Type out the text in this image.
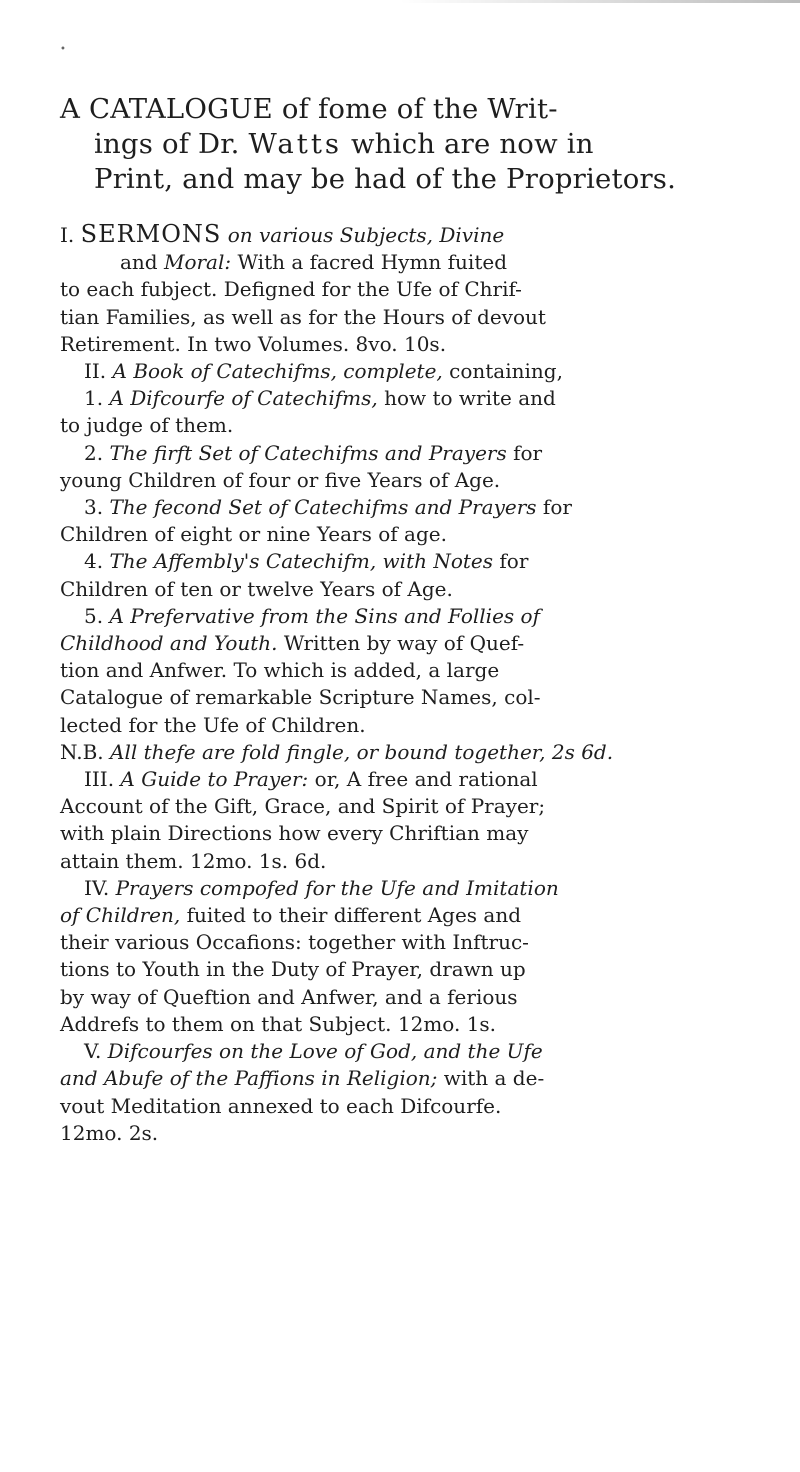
•
A CATALOGUE of fome of the Writ-
ings of Dr. Watts which are now in
Print, and may be had of the Proprietors.
I. SERMONS on various Subjects, Divine
and Moral: With a facred Hymn fuited
to each fubject. Defigned for the Ufe of Chrif-
tian Families, as well as for the Hours of devout
Retirement. In two Volumes. 8vo. 10s.
II. A Book of Catechifms, complete, containing,
1. A Difcourfe of Catechifms, how to write and
to judge of them.
2. The firft Set of Catechifms and Prayers for
young Children of four or five Years of Age.
3. The fecond Set of Catechifms and Prayers for
Children of eight or nine Years of age.
4. The Affembly's Catechifm, with Notes for
Children of ten or twelve Years of Age.
5. A Prefervative from the Sins and Follies of
Childhood and Youth. Written by way of Quef-
tion and Anfwer. To which is added, a large
Catalogue of remarkable Scripture Names, col-
lected for the Ufe of Children.
N.B. All thefe are fold fingle, or bound together, 2s 6d.
III. A Guide to Prayer: or, A free and rational
Account of the Gift, Grace, and Spirit of Prayer;
with plain Directions how every Chriftian may
attain them. 12mo. 1s. 6d.
IV. Prayers compofed for the Ufe and Imitation
of Children, fuited to their different Ages and
their various Occafions: together with Inftruc-
tions to Youth in the Duty of Prayer, drawn up
by way of Queftion and Anfwer, and a ferious
Addrefs to them on that Subject. 12mo. 1s.
V. Difcourfes on the Love of God, and the Ufe
and Abufe of the Paffions in Religion; with a de-
vout Meditation annexed to each Difcourfe.
12mo. 2s.
